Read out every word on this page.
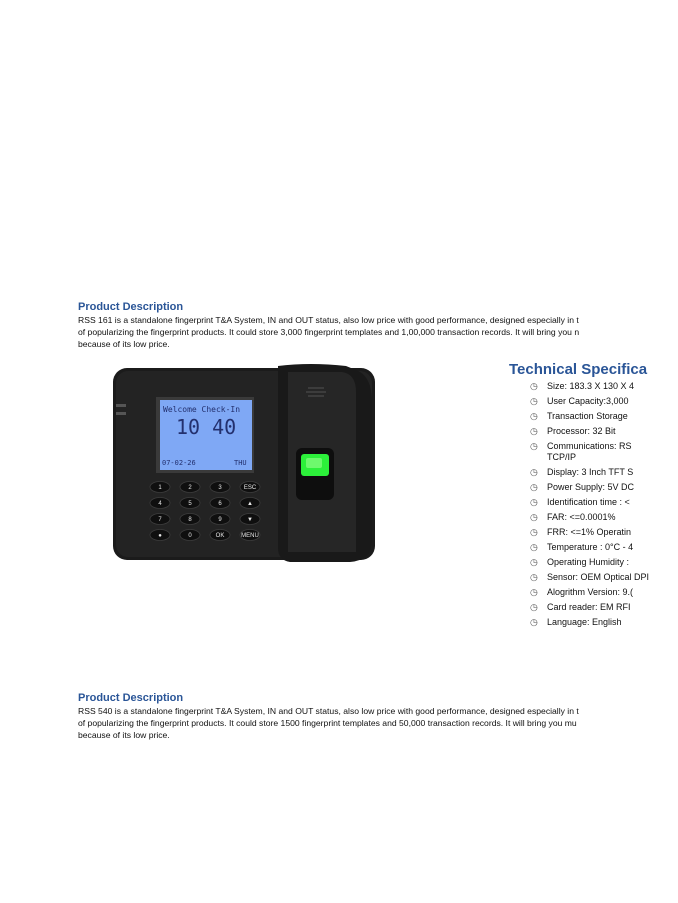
Product Description
RSS 161 is a standalone fingerprint T&A System, IN and OUT status, also low price with good performance, designed especially in t
of popularizing the fingerprint products. It could store 3,000 fingerprint templates and 1,00,000 transaction records. It will bring you n
because of its low price.
Welcome Check-In
10 40
07-02-26	THU
1	2	3	ESC
4	5	6	▲
7	8	9	▼
●	0	OK	MENU
Technical Specifica
◷ Size: 183.3 X 130 X 4
◷ User Capacity:3,000
◷ Transaction Storage
◷ Processor: 32 Bit
◷ Communications: RS TCP/IP
◷ Display: 3 Inch TFT S
◷ Power Supply: 5V DC
◷ Identification time : <
◷ FAR: <=0.0001%
◷ FRR: <=1% Operatin
◷ Temperature : 0°C - 4
◷ Operating Humidity :
◷ Sensor: OEM Optical DPI
◷ Alogrithm Version: 9.(
◷ Card reader: EM RFI
◷ Language: English
Product Description
RSS 540 is a standalone fingerprint T&A System, IN and OUT status, also low price with good performance, designed especially in t
of popularizing the fingerprint products. It could store 1500 fingerprint templates and 50,000 transaction records. It will bring you mu
because of its low price.
